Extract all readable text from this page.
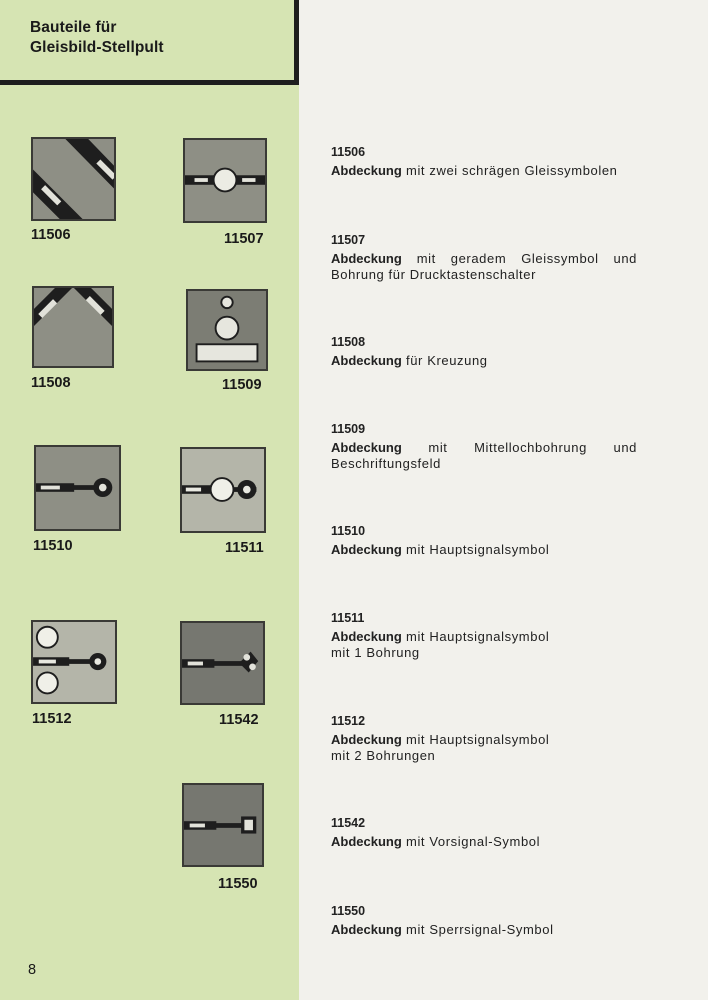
Bauteile für
Gleisbild-Stellpult
11506	11507
11508	11509
11510	11511
11512	11542
11550
8
11506
Abdeckung mit zwei schrägen Gleissymbolen
11507
Abdeckung mit geradem Gleissymbol und Bohrung für Drucktastenschalter
11508
Abdeckung für Kreuzung
11509
Abdeckung mit Mittellochbohrung und Beschriftungsfeld
11510
Abdeckung mit Hauptsignalsymbol
11511
Abdeckung mit Hauptsignalsymbol mit 1 Bohrung
11512
Abdeckung mit Hauptsignalsymbol mit 2 Bohrungen
11542
Abdeckung mit Vorsignal-Symbol
11550
Abdeckung mit Sperrsignal-Symbol
